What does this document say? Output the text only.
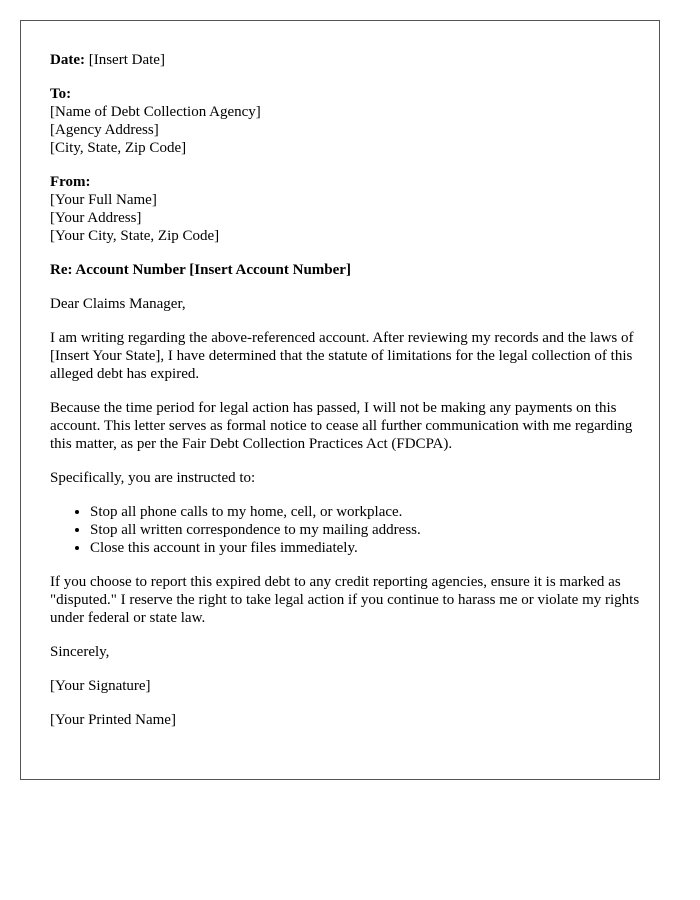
Date: [Insert Date]

To:
[Name of Debt Collection Agency]
[Agency Address]
[City, State, Zip Code]
From:
[Your Full Name]
[Your Address]
[Your City, State, Zip Code]

Re: Account Number [Insert Account Number]

Dear Claims Manager,

I am writing regarding the above-referenced account. After reviewing my records and the laws of [Insert Your State], I have determined that the statute of limitations for the legal collection of this alleged debt has expired.

Because the time period for legal action has passed, I will not be making any payments on this account. This letter serves as formal notice to cease all further communication with me regarding this matter, as per the Fair Debt Collection Practices Act (FDCPA).

Specifically, you are instructed to:

• Stop all phone calls to my home, cell, or workplace.
• Stop all written correspondence to my mailing address.
• Close this account in your files immediately.

If you choose to report this expired debt to any credit reporting agencies, ensure it is marked as "disputed." I reserve the right to take legal action if you continue to harass me or violate my rights under federal or state law.

Sincerely,

[Your Signature]

[Your Printed Name]
